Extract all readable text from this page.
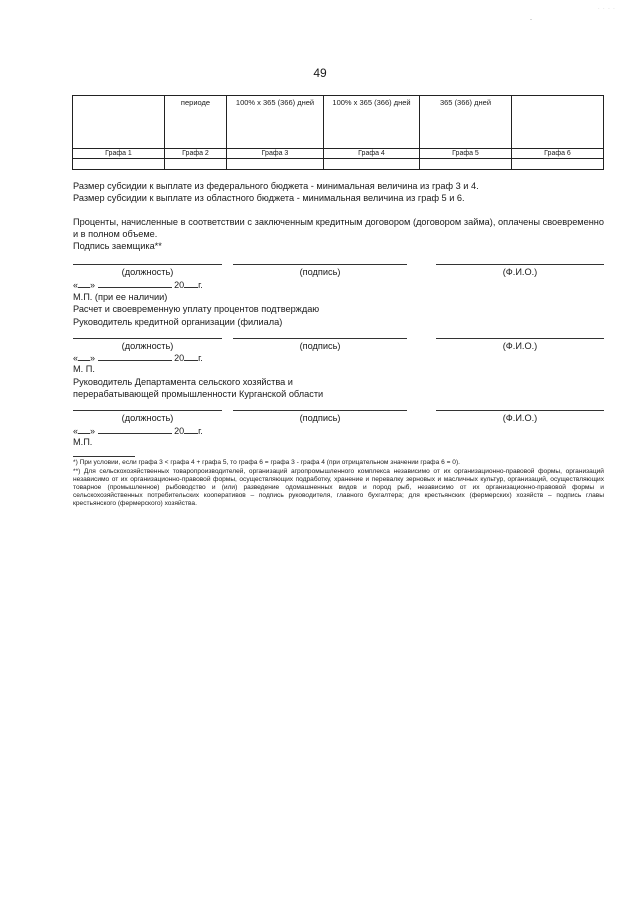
· · · ·
-
49
	периоде	100% х 365 (366) дней	100% х 365 (366) дней	365 (366) дней	
Графа 1	Графа 2	Графа 3	Графа 4	Графа 5	Графа 6

Размер субсидии к выплате из федерального бюджета - минимальная величина из граф 3 и 4.
Размер субсидии к выплате из областного бюджета - минимальная величина из граф 5 и 6.
Проценты, начисленные в соответствии с заключенным кредитным договором (договором займа), оплачены своевременно и в полном объеме.
Подпись заемщика**
(должность)	(подпись)	(Ф.И.О.)
« »	20 г.
М.П. (при ее наличии)
Расчет и своевременную уплату процентов подтверждаю
Руководитель кредитной организации (филиала)
(должность)	(подпись)	(Ф.И.О.)
« »	20 г.
М. П.
Руководитель Департамента сельского хозяйства и
перерабатывающей промышленности Курганской области
(должность)	(подпись)	(Ф.И.О.)
« »	20 г.
М.П.
*) При условии, если графа 3 < графа 4 + графа 5, то графа 6 = графа 3 - графа 4 (при отрицательном значении графа 6 = 0).
**) Для сельскохозяйственных товаропроизводителей, организаций агропромышленного комплекса независимо от их организационно-правовой формы, организаций независимо от их организационно-правовой формы, осуществляющих подработку, хранение и перевалку зерновых и масличных культур, организаций, осуществляющих товарное (промышленное) рыбоводство и (или) разведение одомашненных видов и пород рыб, независимо от их организационно-правовой формы и сельскохозяйственных потребительских кооперативов – подпись руководителя, главного бухгалтера; для крестьянских (фермерских) хозяйств – подпись главы крестьянского (фермерского) хозяйства.
